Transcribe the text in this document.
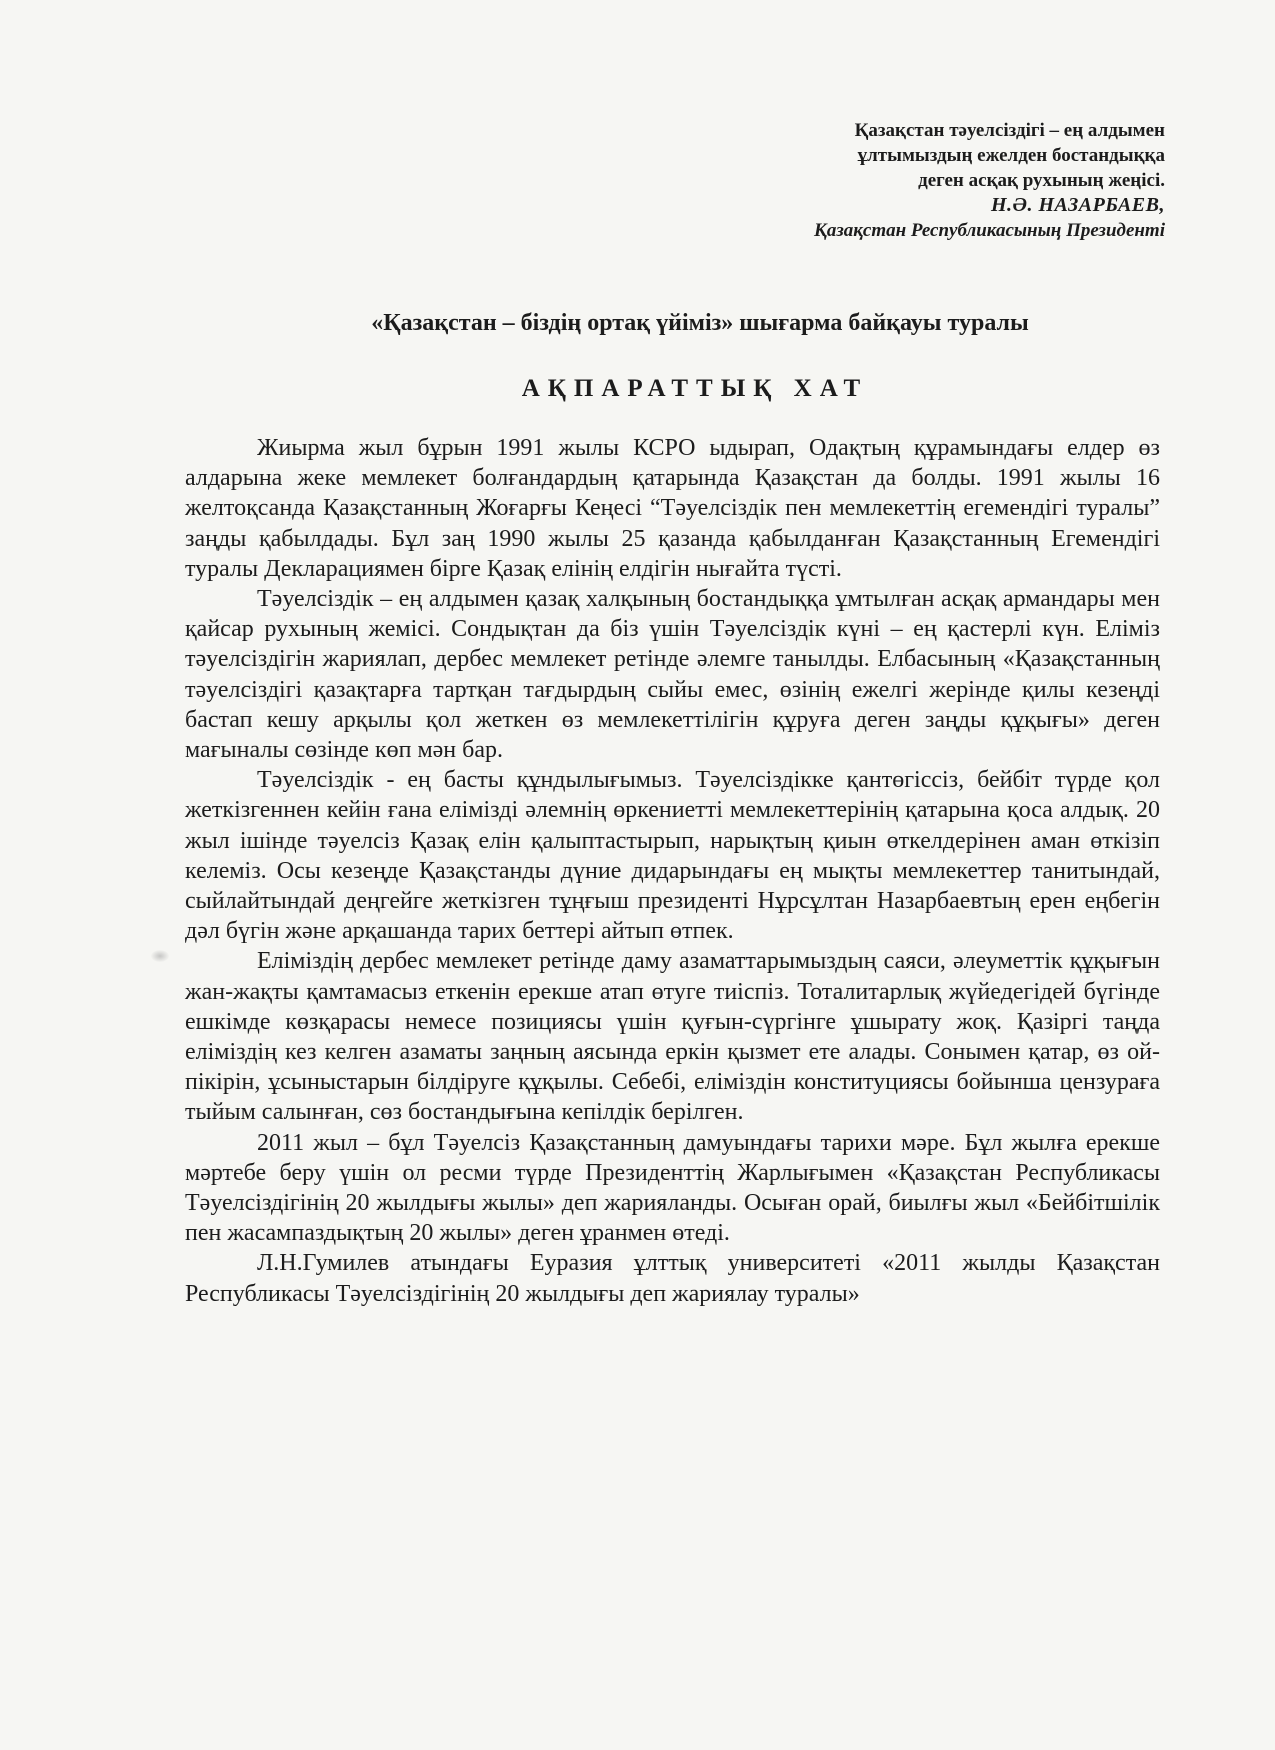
Қазақстан тәуелсіздігі – ең алдымен
ұлтымыздың ежелден бостандыққа
деген асқақ рухының жеңісі.
Н.Ә. НАЗАРБАЕВ,
Қазақстан Республикасының Президенті
«Қазақстан – біздің ортақ үйіміз» шығарма байқауы туралы
АҚПАРАТТЫҚ ХАТ

Жиырма жыл бұрын 1991 жылы КСРО ыдырап, Одақтың құрамындағы елдер өз алдарына жеке мемлекет болғандардың қатарында Қазақстан да болды. 1991 жылы 16 желтоқсанда Қазақстанның Жоғарғы Кеңесі “Тәуелсіздік пен мемлекеттің егемендігі туралы” заңды қабылдады. Бұл заң 1990 жылы 25 қазанда қабылданған Қазақстанның Егемендігі туралы Декларациямен бірге Қазақ елінің елдігін нығайта түсті.

Тәуелсіздік – ең алдымен қазақ халқының бостандыққа ұмтылған асқақ армандары мен қайсар рухының жемісі. Сондықтан да біз үшін Тәуелсіздік күні – ең қастерлі күн. Еліміз тәуелсіздігін жариялап, дербес мемлекет ретінде әлемге танылды. Елбасының «Қазақстанның тәуелсіздігі қазақтарға тартқан тағдырдың сыйы емес, өзінің ежелгі жерінде қилы кезеңді бастап кешу арқылы қол жеткен өз мемлекеттілігін құруға деген заңды құқығы» деген мағыналы сөзінде көп мән бар.

Тәуелсіздік - ең басты құндылығымыз. Тәуелсіздікке қантөгіссіз, бейбіт түрде қол жеткізгеннен кейін ғана елімізді әлемнің өркениетті мемлекеттерінің қатарына қоса алдық. 20 жыл ішінде тәуелсіз Қазақ елін қалыптастырып, нарықтың қиын өткелдерінен аман өткізіп келеміз. Осы кезеңде Қазақстанды дүние дидарындағы ең мықты мемлекеттер танитындай, сыйлайтындай деңгейге жеткізген тұңғыш президенті Нұрсұлтан Назарбаевтың ерен еңбегін дәл бүгін және арқашанда тарих беттері айтып өтпек.

Еліміздің дербес мемлекет ретінде даму азаматтарымыздың саяси, әлеуметтік құқығын жан-жақты қамтамасыз еткенін ерекше атап өтуге тиіспіз. Тоталитарлық жүйедегідей бүгінде ешкімде көзқарасы немесе позициясы үшін қуғын-сүргінге ұшырату жоқ. Қазіргі таңда еліміздің кез келген азаматы заңның аясында еркін қызмет ете алады. Сонымен қатар, өз ой-пікірін, ұсыныстарын білдіруге құқылы. Себебі, еліміздін конституциясы бойынша цензураға тыйым салынған, сөз бостандығына кепілдік берілген.

2011 жыл – бұл Тәуелсіз Қазақстанның дамуындағы тарихи мәре. Бұл жылға ерекше мәртебе беру үшін ол ресми түрде Президенттің Жарлығымен «Қазақстан Республикасы Тәуелсіздігінің 20 жылдығы жылы» деп жарияланды. Осыған орай, биылғы жыл «Бейбітшілік пен жасампаздықтың 20 жылы» деген ұранмен өтеді.

Л.Н.Гумилев атындағы Еуразия ұлттық университеті «2011 жылды Қазақстан Республикасы Тәуелсіздігінің 20 жылдығы деп жариялау туралы»
